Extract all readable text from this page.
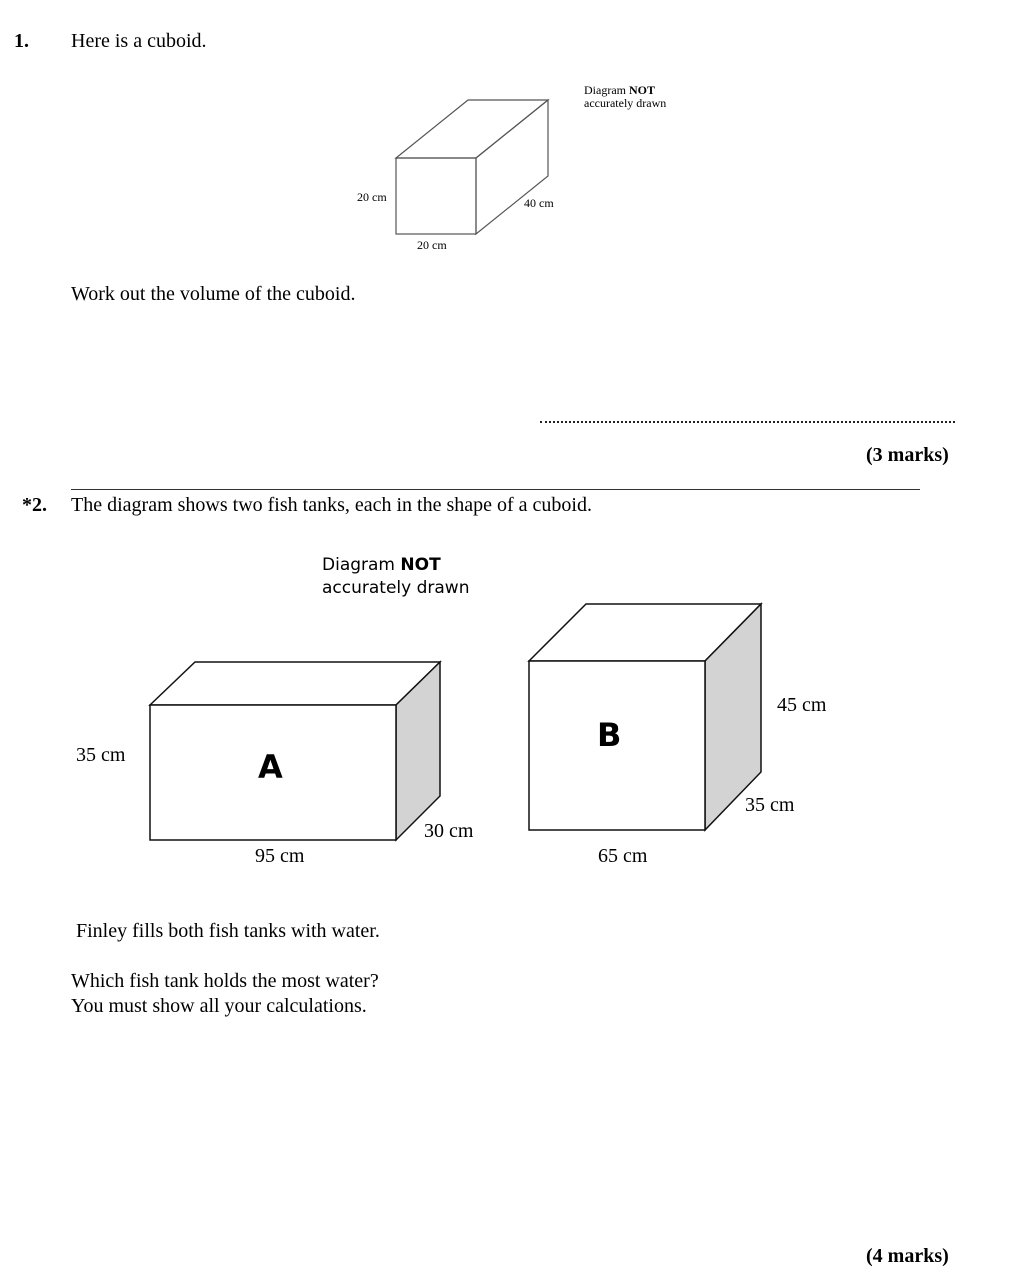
1. Here is a cuboid.
Diagram NOT
accurately drawn
20 cm	40 cm
20 cm
Work out the volume of the cuboid.
(3 marks)
*2. The diagram shows two fish tanks, each in the shape of a cuboid.
Diagram NOT
accurately drawn
A
35 cm
30 cm
95 cm
B
45 cm
35 cm
65 cm
Finley fills both fish tanks with water.
Which fish tank holds the most water?
You must show all your calculations.
(4 marks)
